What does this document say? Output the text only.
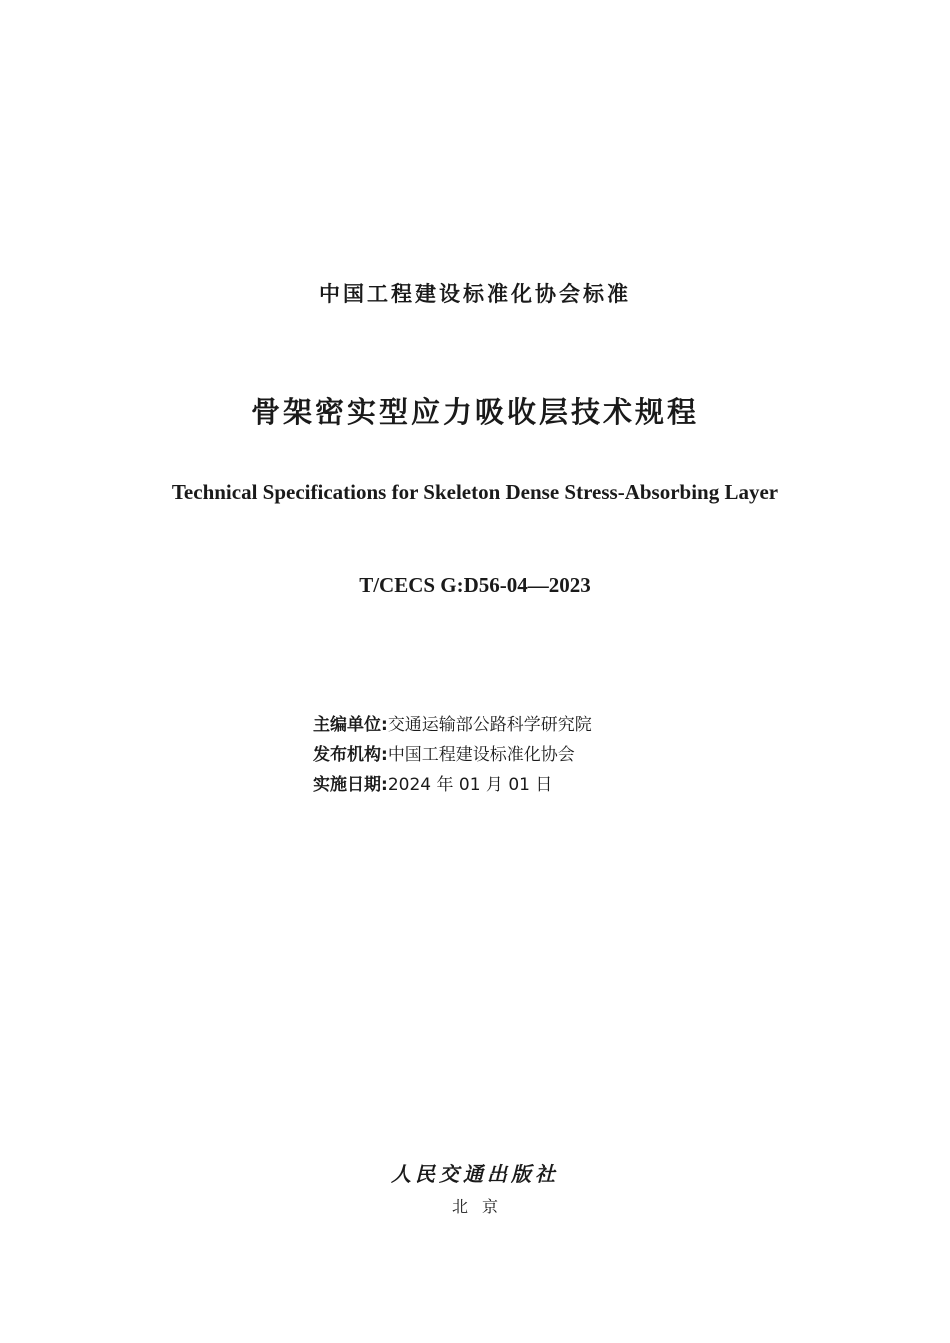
中国工程建设标准化协会标准
骨架密实型应力吸收层技术规程
Technical Specifications for Skeleton Dense Stress-Absorbing Layer
T/CECS G:D56-04—2023
主编单位:交通运输部公路科学研究院
发布机构:中国工程建设标准化协会
实施日期:2024 年 01 月 01 日
人民交通出版社
北京
